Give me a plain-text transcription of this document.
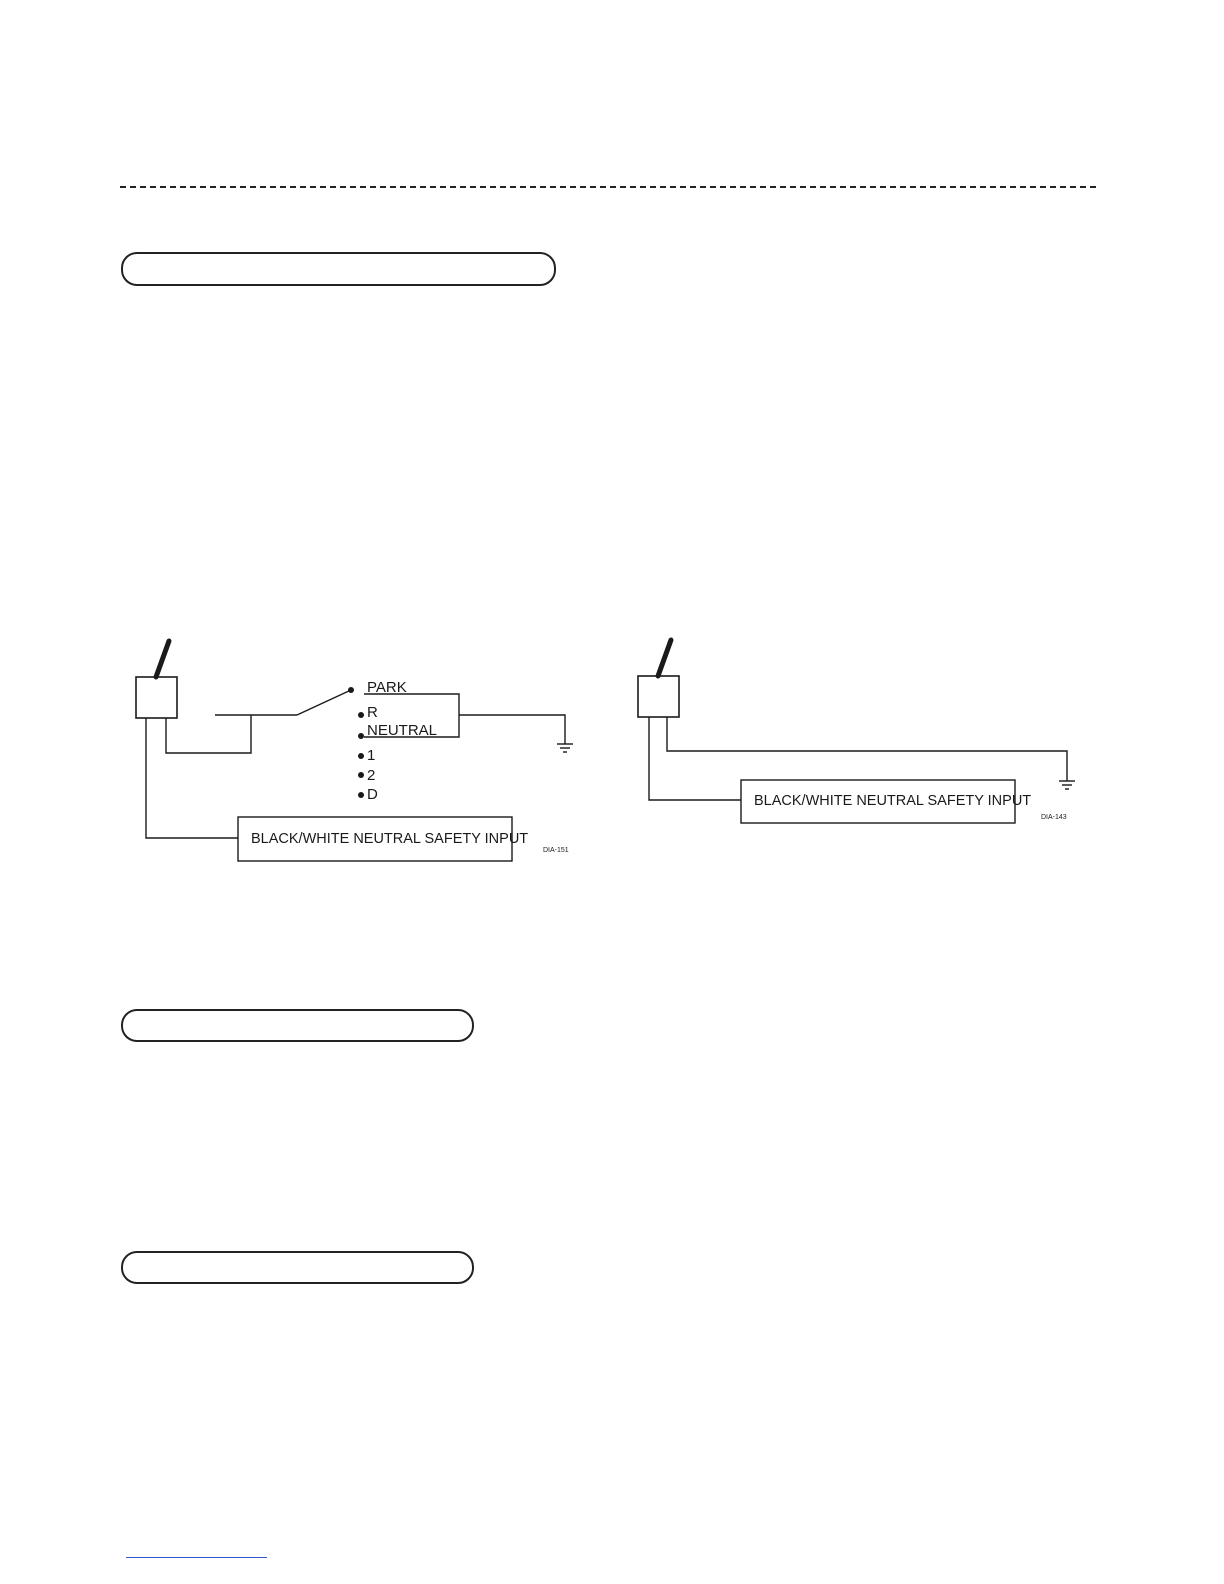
PARK
R
NEUTRAL
1
2
D
BLACK/WHITE NEUTRAL SAFETY INPUT
DIA-151
BLACK/WHITE NEUTRAL SAFETY INPUT
DIA-143
